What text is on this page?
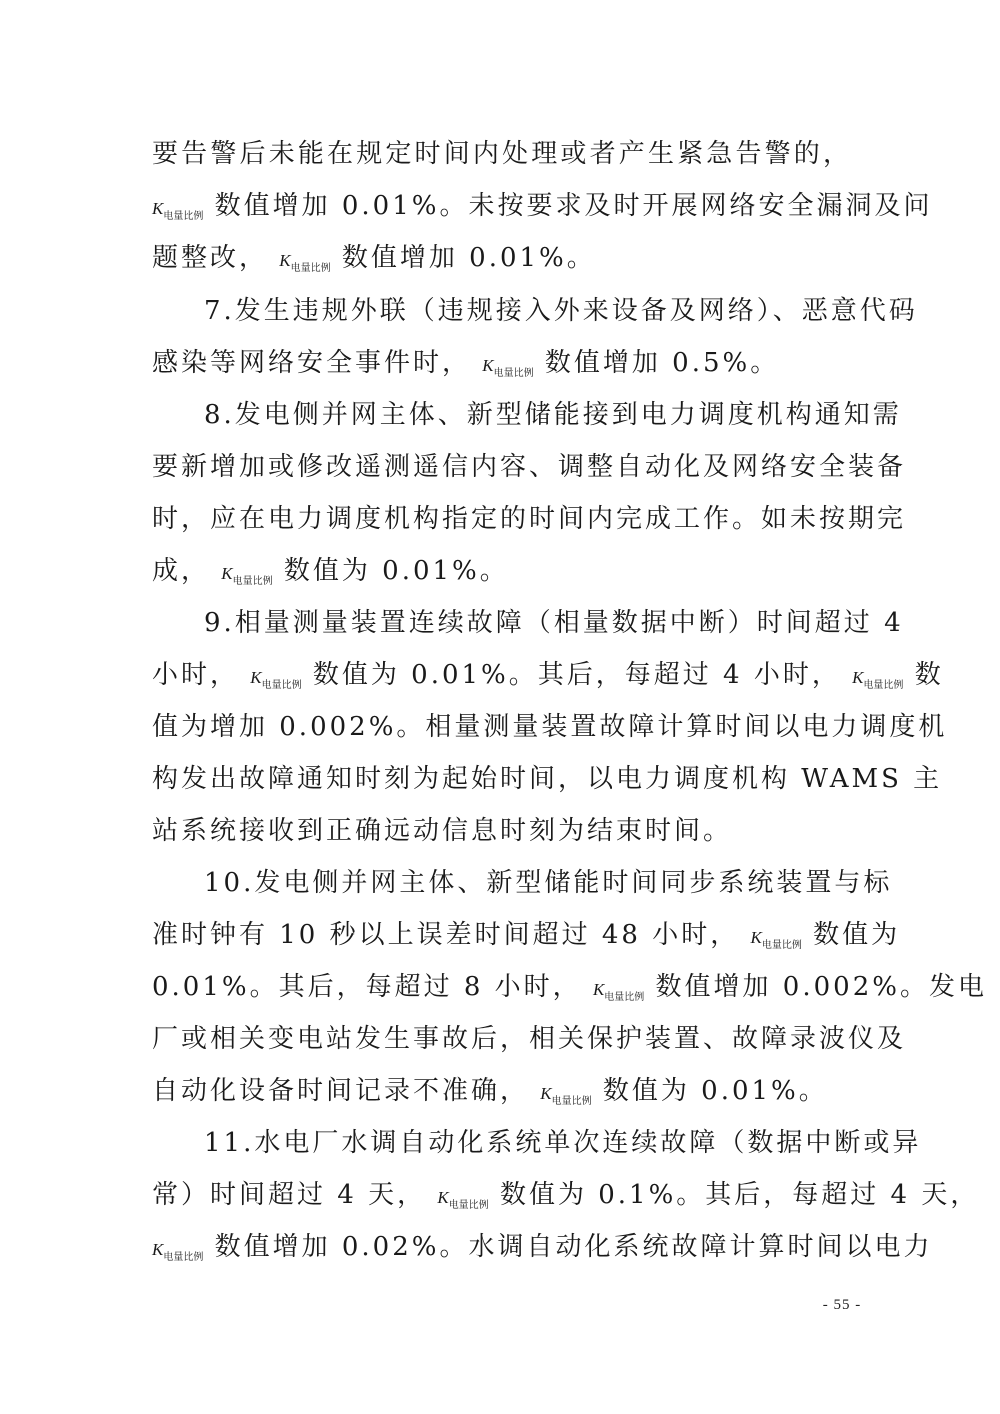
要告警后未能在规定时间内处理或者产生紧急告警的，
K电量比例 数值增加 0.01%。未按要求及时开展网络安全漏洞及问
题整改， K电量比例 数值增加 0.01%。
7.发生违规外联（违规接入外来设备及网络）、恶意代码
感染等网络安全事件时， K电量比例 数值增加 0.5%。
8.发电侧并网主体、新型储能接到电力调度机构通知需
要新增加或修改遥测遥信内容、调整自动化及网络安全装备
时，应在电力调度机构指定的时间内完成工作。如未按期完
成， K电量比例 数值为 0.01%。
9.相量测量装置连续故障（相量数据中断）时间超过 4
小时， K电量比例 数值为 0.01%。其后，每超过 4 小时， K电量比例 数
值为增加 0.002%。相量测量装置故障计算时间以电力调度机
构发出故障通知时刻为起始时间，以电力调度机构 WAMS 主
站系统接收到正确远动信息时刻为结束时间。
10.发电侧并网主体、新型储能时间同步系统装置与标
准时钟有 10 秒以上误差时间超过 48 小时， K电量比例 数值为
0.01%。其后，每超过 8 小时， K电量比例 数值增加 0.002%。发电
厂或相关变电站发生事故后，相关保护装置、故障录波仪及
自动化设备时间记录不准确， K电量比例 数值为 0.01%。
11.水电厂水调自动化系统单次连续故障（数据中断或异
常）时间超过 4 天， K电量比例 数值为 0.1%。其后，每超过 4 天，
K电量比例 数值增加 0.02%。水调自动化系统故障计算时间以电力
- 55 -
